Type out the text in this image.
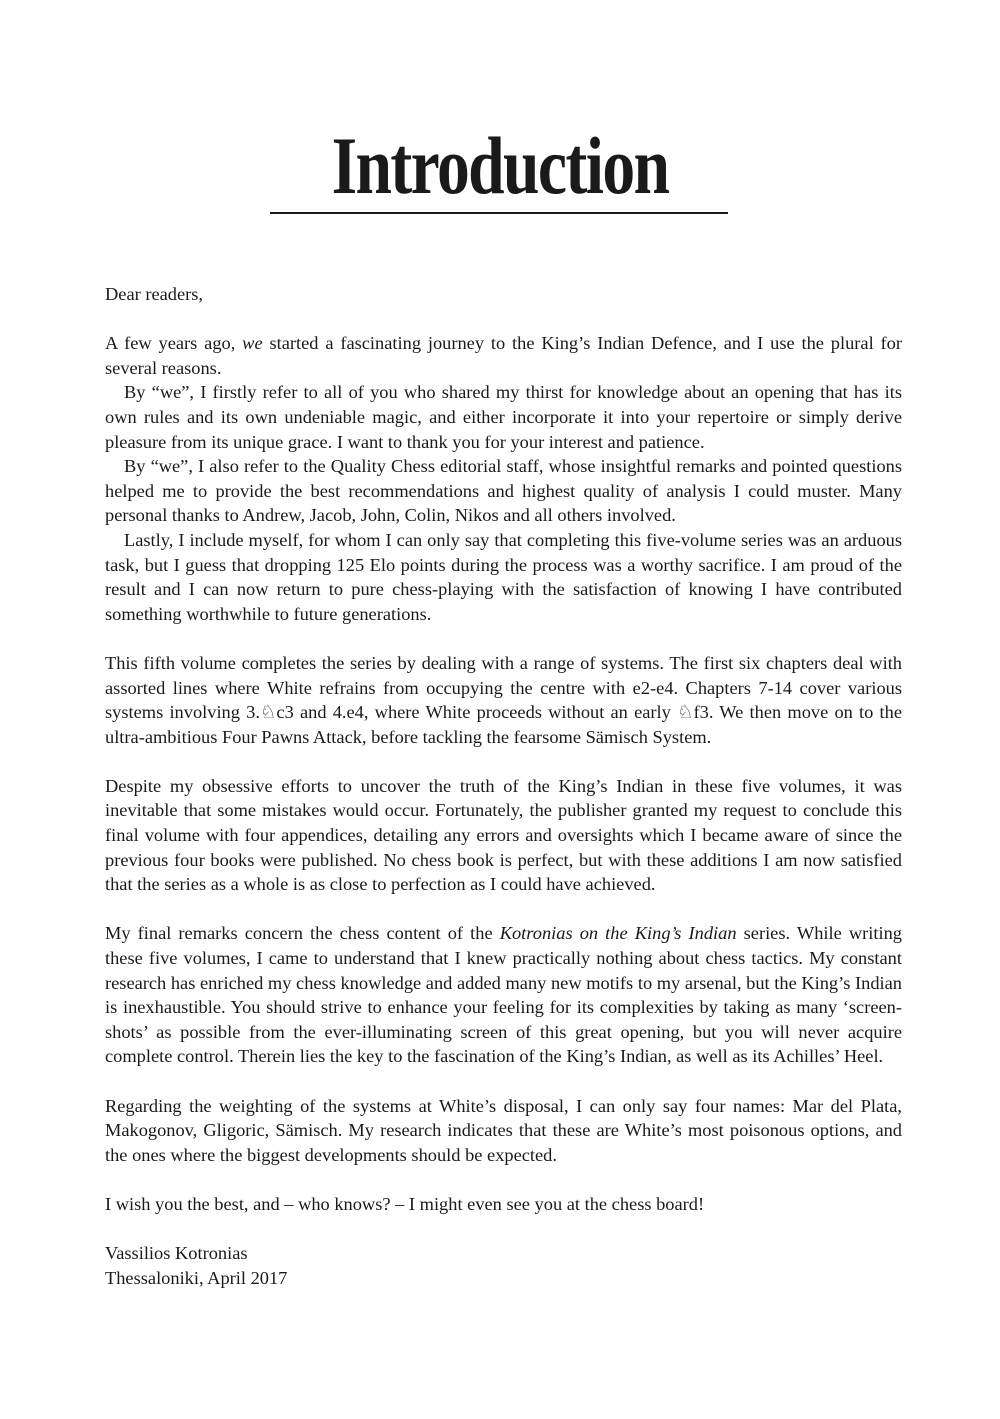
Introduction

Dear readers,

A few years ago, we started a fascinating journey to the King’s Indian Defence, and I use the plural for several reasons.

By “we”, I firstly refer to all of you who shared my thirst for knowledge about an opening that has its own rules and its own undeniable magic, and either incorporate it into your repertoire or simply derive pleasure from its unique grace. I want to thank you for your interest and patience.

By “we”, I also refer to the Quality Chess editorial staff, whose insightful remarks and pointed questions helped me to provide the best recommendations and highest quality of analysis I could muster. Many personal thanks to Andrew, Jacob, John, Colin, Nikos and all others involved.

Lastly, I include myself, for whom I can only say that completing this five-volume series was an arduous task, but I guess that dropping 125 Elo points during the process was a worthy sacrifice. I am proud of the result and I can now return to pure chess-playing with the satisfaction of knowing I have contributed something worthwhile to future generations.

This fifth volume completes the series by dealing with a range of systems. The first six chapters deal with assorted lines where White refrains from occupying the centre with e2-e4. Chapters 7-14 cover various systems involving 3.♘c3 and 4.e4, where White proceeds without an early ♘f3. We then move on to the ultra-ambitious Four Pawns Attack, before tackling the fearsome Sämisch System.

Despite my obsessive efforts to uncover the truth of the King’s Indian in these five volumes, it was inevitable that some mistakes would occur. Fortunately, the publisher granted my request to conclude this final volume with four appendices, detailing any errors and oversights which I became aware of since the previous four books were published. No chess book is perfect, but with these additions I am now satisfied that the series as a whole is as close to perfection as I could have achieved.

My final remarks concern the chess content of the Kotronias on the King’s Indian series. While writing these five volumes, I came to understand that I knew practically nothing about chess tactics. My constant research has enriched my chess knowledge and added many new motifs to my arsenal, but the King’s Indian is inexhaustible. You should strive to enhance your feeling for its complexities by taking as many ‘screen-shots’ as possible from the ever-illuminating screen of this great opening, but you will never acquire complete control. Therein lies the key to the fascination of the King’s Indian, as well as its Achilles’ Heel.

Regarding the weighting of the systems at White’s disposal, I can only say four names: Mar del Plata, Makogonov, Gligoric, Sämisch. My research indicates that these are White’s most poisonous options, and the ones where the biggest developments should be expected.

I wish you the best, and – who knows? – I might even see you at the chess board!

Vassilios Kotronias

Thessaloniki, April 2017
